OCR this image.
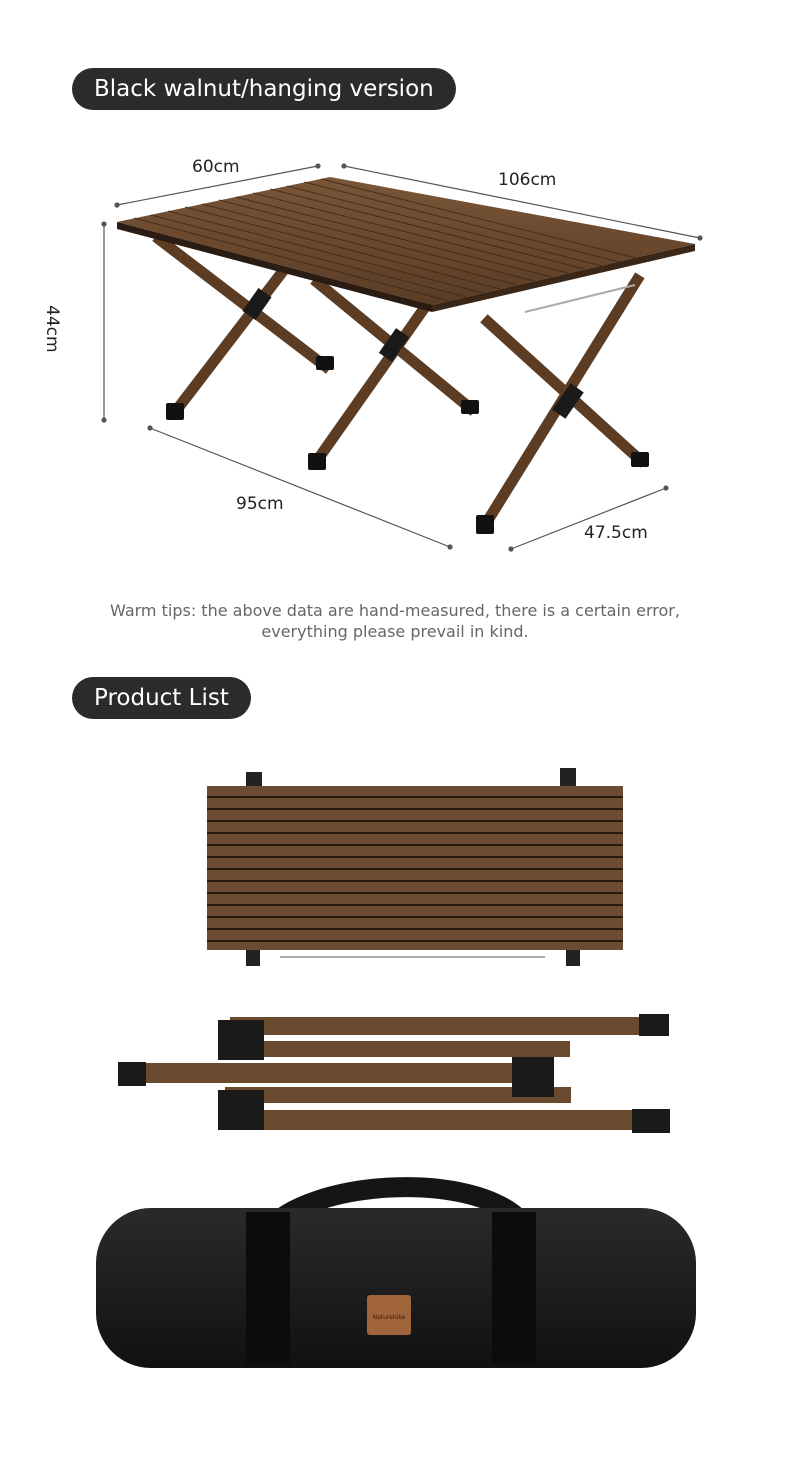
Black walnut/hanging version
Product List
Naturehike
60cm
106cm
44cm
95cm
47.5cm
Warm tips: the above data are hand-measured, there is a certain error,
everything please prevail in kind.
